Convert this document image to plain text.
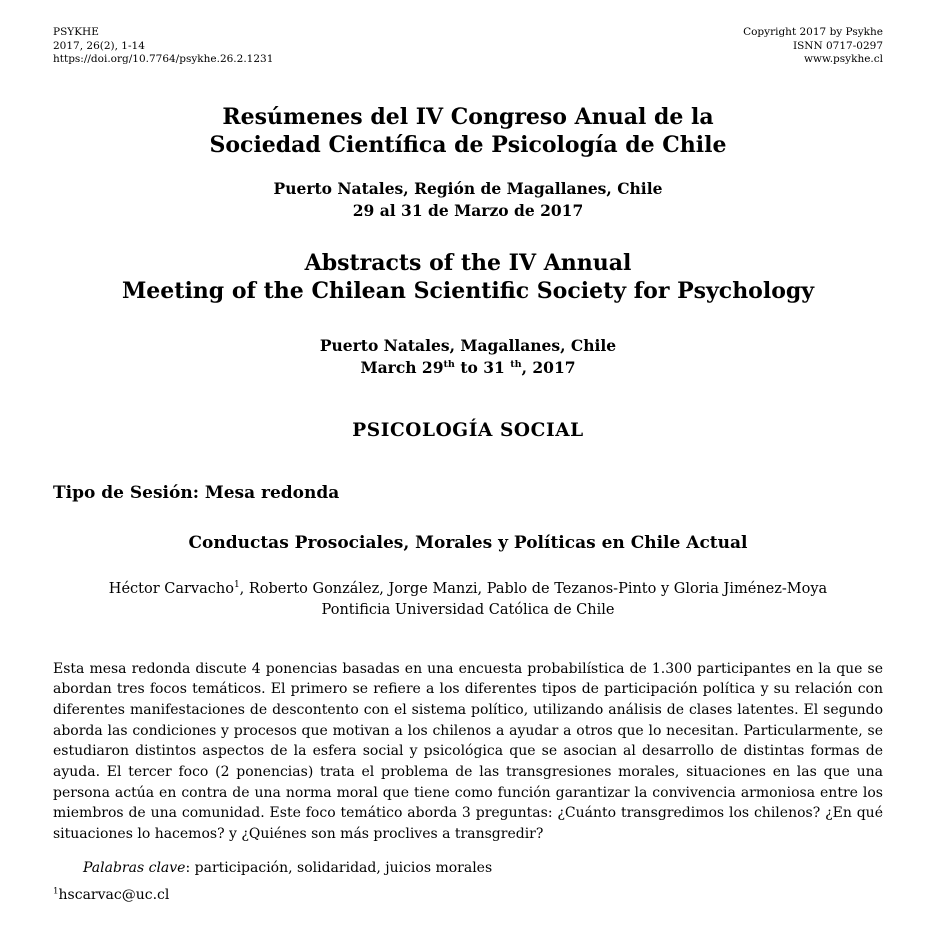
PSYKHE
2017, 26(2), 1-14
https://doi.org/10.7764/psykhe.26.2.1231
Copyright 2017 by Psykhe
ISNN 0717-0297
www.psykhe.cl
Resúmenes del IV Congreso Anual de la
Sociedad Científica de Psicología de Chile
Puerto Natales, Región de Magallanes, Chile
29 al 31 de Marzo de 2017
Abstracts of the IV Annual
Meeting of the Chilean Scientific Society for Psychology
Puerto Natales, Magallanes, Chile
March 29th to 31 $^{th}$, 2017
PSICOLOGÍA SOCIAL
Tipo de Sesión: Mesa redonda
Conductas Prosociales, Morales y Políticas en Chile Actual
Héctor Carvacho$^1$, Roberto González, Jorge Manzi, Pablo de Tezanos-Pinto y Gloria Jiménez-Moya
Pontificia Universidad Católica de Chile

Esta mesa redonda discute 4 ponencias basadas en una encuesta probabilística de 1.300 participantes en la que se abordan tres focos temáticos. El primero se refiere a los diferentes tipos de participación política y su relación con diferentes manifestaciones de descontento con el sistema político, utilizando análisis de clases latentes. El segundo aborda las condiciones y procesos que motivan a los chilenos a ayudar a otros que lo necesitan. Particularmente, se estudiaron distintos aspectos de la esfera social y psicológica que se asocian al desarrollo de distintas formas de ayuda. El tercer foco (2 ponencias) trata el problema de las transgresiones morales, situaciones en las que una persona actúa en contra de una norma moral que tiene como función garantizar la convivencia armoniosa entre los miembros de una comunidad. Este foco temático aborda 3 preguntas: ¿Cuánto transgredimos los chilenos? ¿En qué situaciones lo hacemos? y ¿Quiénes son más proclives a transgredir?

Palabras clave: participación, solidaridad, juicios morales

$^1$hscarvac@uc.cl
